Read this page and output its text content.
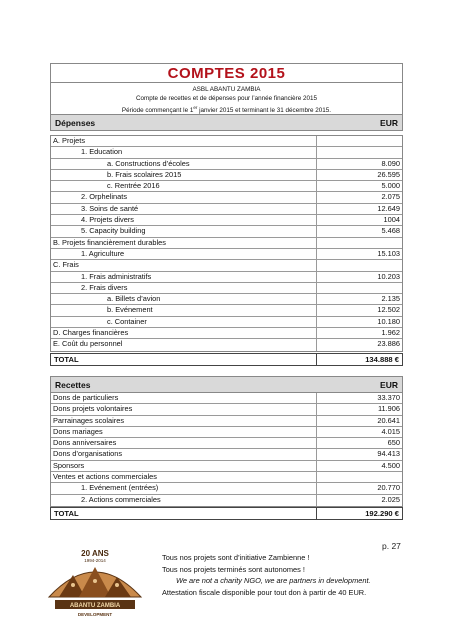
COMPTES 2015
ASBL ABANTU ZAMBIA
Compte de recettes et de dépenses pour l’année financière 2015
Période commençant le 1er janvier 2015 et terminant le 31 décembre 2015.
Dépenses	EUR
A. Projets
1. Education
a. Constructions d’écoles	8.090
b. Frais scolaires 2015	26.595
c. Rentrée 2016	5.000
2. Orphelinats	2.075
3. Soins de santé	12.649
4. Projets divers	1004
5. Capacity building	5.468
B. Projets financièrement durables
1. Agriculture	15.103
C. Frais
1. Frais administratifs	10.203
2. Frais divers
a. Billets d’avion	2.135
b. Evénement	12.502
c. Container	10.180
D. Charges financières	1.962
E. Coût du personnel	23.886
TOTAL	134.888 €
Recettes	EUR
Dons de particuliers	33.370
Dons projets volontaires	11.906
Parrainages scolaires	20.641
Dons mariages	4.015
Dons anniversaires	650
Dons d’organisations	94.413
Sponsors	4.500
Ventes et actions commerciales
1. Evénement (entrées)	20.770
2. Actions commerciales	2.025
TOTAL	192.290 €
p. 27
20 ANS
1994-2014
ABANTU ZAMBIA
DEVELOPMENT
Tous nos projets sont d’initiative Zambienne !
Tous nos projets terminés sont autonomes !
We are not a charity NGO, we are partners in development.
Attestation fiscale disponible pour tout don à partir de 40 EUR.
